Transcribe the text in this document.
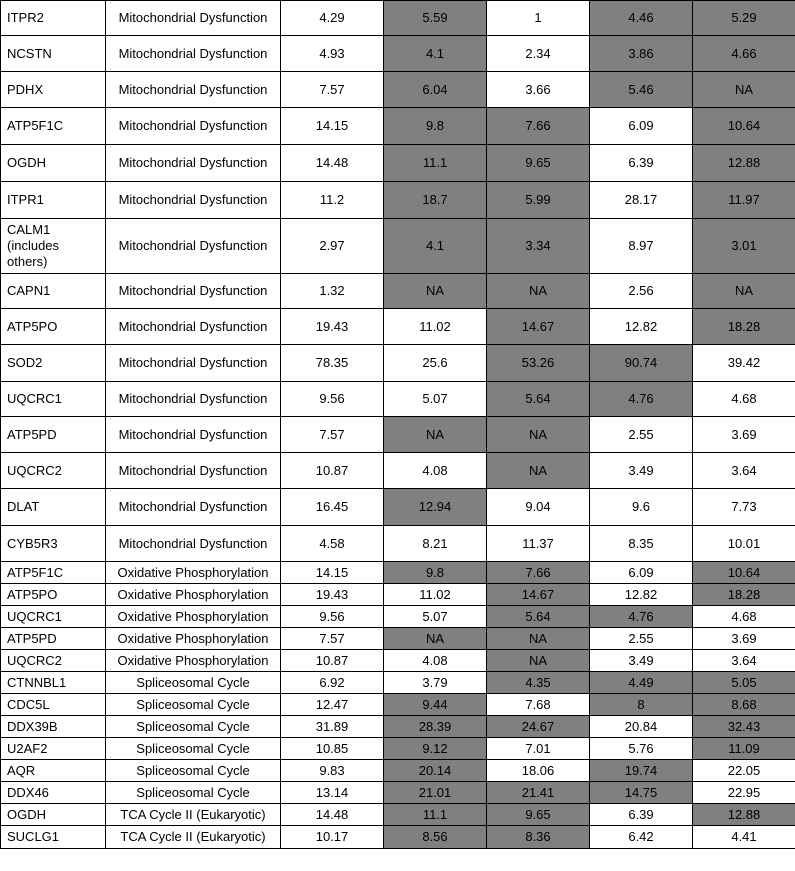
ITPR2	Mitochondrial Dysfunction	4.29	5.59	1	4.46	5.29
NCSTN	Mitochondrial Dysfunction	4.93	4.1	2.34	3.86	4.66
PDHX	Mitochondrial Dysfunction	7.57	6.04	3.66	5.46	NA
ATP5F1C	Mitochondrial Dysfunction	14.15	9.8	7.66	6.09	10.64
OGDH	Mitochondrial Dysfunction	14.48	11.1	9.65	6.39	12.88
ITPR1	Mitochondrial Dysfunction	11.2	18.7	5.99	28.17	11.97
CALM1 (includes others)	Mitochondrial Dysfunction	2.97	4.1	3.34	8.97	3.01
CAPN1	Mitochondrial Dysfunction	1.32	NA	NA	2.56	NA
ATP5PO	Mitochondrial Dysfunction	19.43	11.02	14.67	12.82	18.28
SOD2	Mitochondrial Dysfunction	78.35	25.6	53.26	90.74	39.42
UQCRC1	Mitochondrial Dysfunction	9.56	5.07	5.64	4.76	4.68
ATP5PD	Mitochondrial Dysfunction	7.57	NA	NA	2.55	3.69
UQCRC2	Mitochondrial Dysfunction	10.87	4.08	NA	3.49	3.64
DLAT	Mitochondrial Dysfunction	16.45	12.94	9.04	9.6	7.73
CYB5R3	Mitochondrial Dysfunction	4.58	8.21	11.37	8.35	10.01
ATP5F1C	Oxidative Phosphorylation	14.15	9.8	7.66	6.09	10.64
ATP5PO	Oxidative Phosphorylation	19.43	11.02	14.67	12.82	18.28
UQCRC1	Oxidative Phosphorylation	9.56	5.07	5.64	4.76	4.68
ATP5PD	Oxidative Phosphorylation	7.57	NA	NA	2.55	3.69
UQCRC2	Oxidative Phosphorylation	10.87	4.08	NA	3.49	3.64
CTNNBL1	Spliceosomal Cycle	6.92	3.79	4.35	4.49	5.05
CDC5L	Spliceosomal Cycle	12.47	9.44	7.68	8	8.68
DDX39B	Spliceosomal Cycle	31.89	28.39	24.67	20.84	32.43
U2AF2	Spliceosomal Cycle	10.85	9.12	7.01	5.76	11.09
AQR	Spliceosomal Cycle	9.83	20.14	18.06	19.74	22.05
DDX46	Spliceosomal Cycle	13.14	21.01	21.41	14.75	22.95
OGDH	TCA Cycle II (Eukaryotic)	14.48	11.1	9.65	6.39	12.88
SUCLG1	TCA Cycle II (Eukaryotic)	10.17	8.56	8.36	6.42	4.41
